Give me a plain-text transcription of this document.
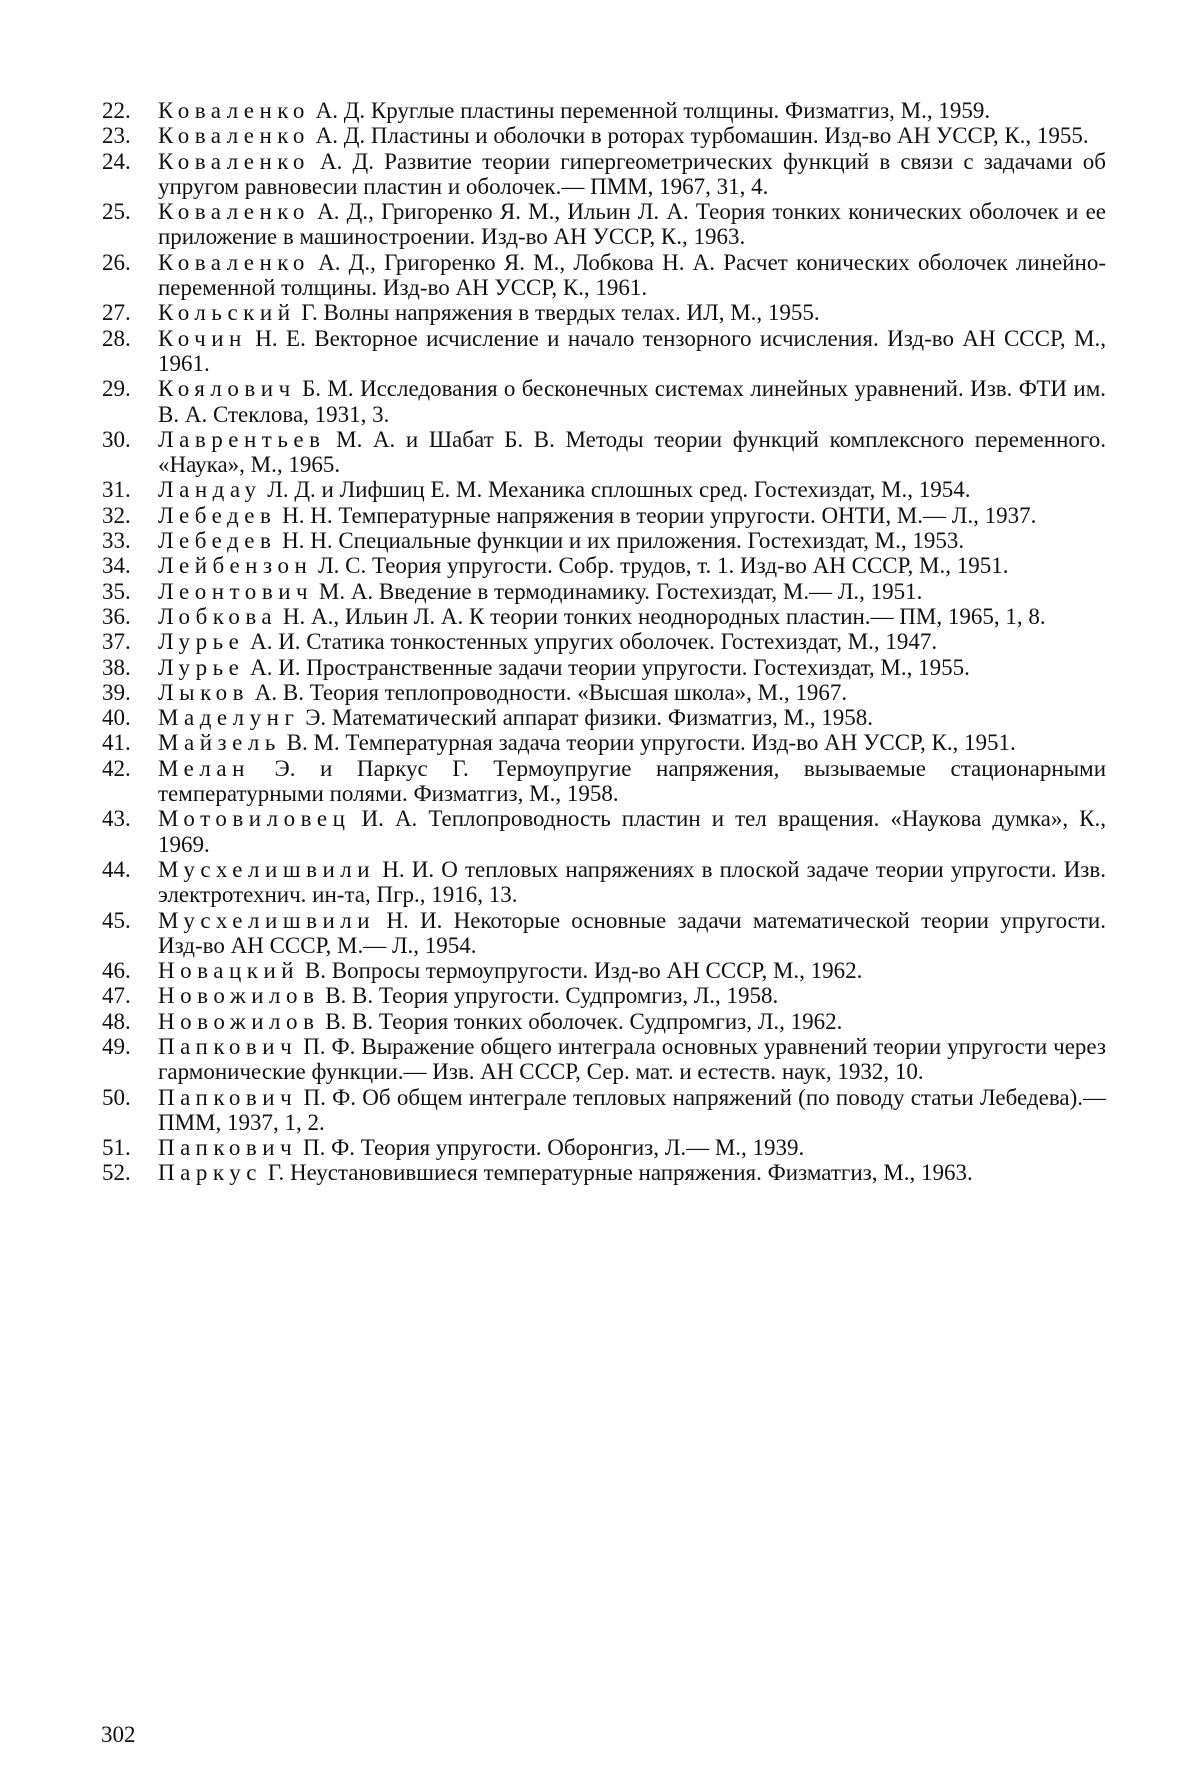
22. Коваленко А. Д. Круглые пластины переменной толщины. Физматгиз, М., 1959.
23. Коваленко А. Д. Пластины и оболочки в роторах турбомашин. Изд-во АН УССР, К., 1955.
24. Коваленко А. Д. Развитие теории гипергеометрических функций в связи с задачами об упругом равновесии пластин и оболочек.— ПММ, 1967, 31, 4.
25. Коваленко А. Д., Григоренко Я. М., Ильин Л. А. Теория тонких конических оболочек и ее приложение в машиностроении. Изд-во АН УССР, К., 1963.
26. Коваленко А. Д., Григоренко Я. М., Лобкова Н. А. Расчет конических оболочек линейно-переменной толщины. Изд-во АН УССР, К., 1961.
27. Кольский Г. Волны напряжения в твердых телах. ИЛ, М., 1955.
28. Кочин Н. Е. Векторное исчисление и начало тензорного исчисления. Изд-во АН СССР, М., 1961.
29. Коялович Б. М. Исследования о бесконечных системах линейных уравнений. Изв. ФТИ им. В. А. Стеклова, 1931, 3.
30. Лаврентьев М. А. и Шабат Б. В. Методы теории функций комплексного переменного. «Наука», М., 1965.
31. Ландау Л. Д. и Лифшиц Е. М. Механика сплошных сред. Гостехиздат, М., 1954.
32. Лебедев Н. Н. Температурные напряжения в теории упругости. ОНТИ, М.— Л., 1937.
33. Лебедев Н. Н. Специальные функции и их приложения. Гостехиздат, М., 1953.
34. Лейбензон Л. С. Теория упругости. Собр. трудов, т. 1. Изд-во АН СССР, М., 1951.
35. Леонтович М. А. Введение в термодинамику. Гостехиздат, М.— Л., 1951.
36. Лобкова Н. А., Ильин Л. А. К теории тонких неоднородных пластин.— ПМ, 1965, 1, 8.
37. Лурье А. И. Статика тонкостенных упругих оболочек. Гостехиздат, М., 1947.
38. Лурье А. И. Пространственные задачи теории упругости. Гостехиздат, М., 1955.
39. Лыков А. В. Теория теплопроводности. «Высшая школа», М., 1967.
40. Маделунг Э. Математический аппарат физики. Физматгиз, М., 1958.
41. Майзель В. М. Температурная задача теории упругости. Изд-во АН УССР, К., 1951.
42. Мелан Э. и Паркус Г. Термоупругие напряжения, вызываемые стационарными температурными полями. Физматгиз, М., 1958.
43. Мотовиловец И. А. Теплопроводность пластин и тел вращения. «Наукова думка», К., 1969.
44. Мусхелишвили Н. И. О тепловых напряжениях в плоской задаче теории упругости. Изв. электротехнич. ин-та, Пгр., 1916, 13.
45. Мусхелишвили Н. И. Некоторые основные задачи математической теории упругости. Изд-во АН СССР, М.— Л., 1954.
46. Новацкий В. Вопросы термоупругости. Изд-во АН СССР, М., 1962.
47. Новожилов В. В. Теория упругости. Судпромгиз, Л., 1958.
48. Новожилов В. В. Теория тонких оболочек. Судпромгиз, Л., 1962.
49. Папкович П. Ф. Выражение общего интеграла основных уравнений теории упругости через гармонические функции.— Изв. АН СССР, Сер. мат. и естеств. наук, 1932, 10.
50. Папкович П. Ф. Об общем интеграле тепловых напряжений (по поводу статьи Лебедева).— ПММ, 1937, 1, 2.
51. Папкович П. Ф. Теория упругости. Оборонгиз, Л.— М., 1939.
52. Паркус Г. Неустановившиеся температурные напряжения. Физматгиз, М., 1963.
302
